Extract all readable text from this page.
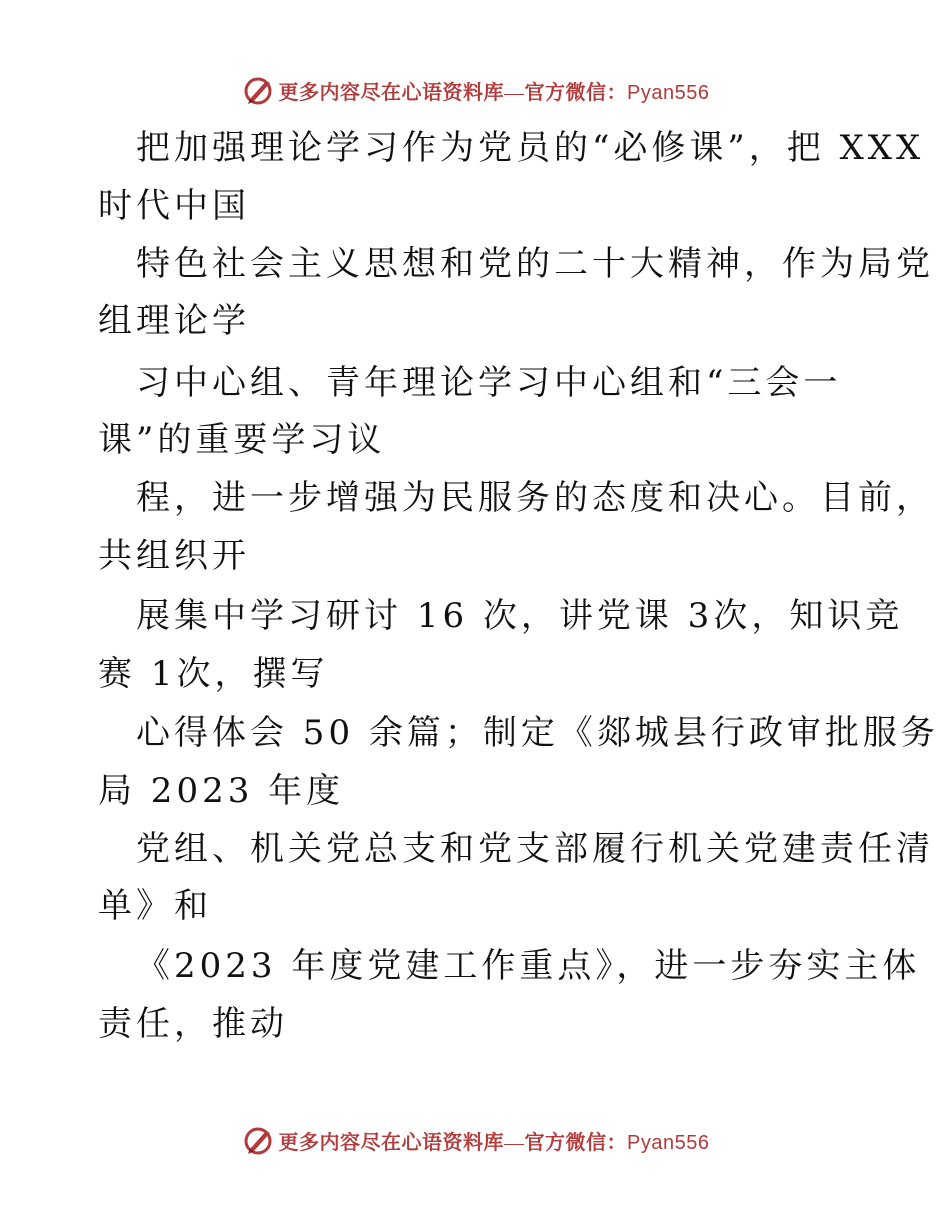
更多内容尽在心语资料库—官方微信：Pyan556
把加强理论学习作为党员的“必修课”，把 XXX
时代中国
特色社会主义思想和党的二十大精神，作为局党
组理论学
习中心组、青年理论学习中心组和“三会一
课”的重要学习议
程，进一步增强为民服务的态度和决心。目前，
共组织开
展集中学习研讨 16 次，讲党课 3次，知识竞
赛 1次，撰写
心得体会 50 余篇；制定《郯城县行政审批服务
局 2023 年度
党组、机关党总支和党支部履行机关党建责任清
单》和
《2023 年度党建工作重点》，进一步夯实主体
责任，推动
更多内容尽在心语资料库—官方微信：Pyan556
